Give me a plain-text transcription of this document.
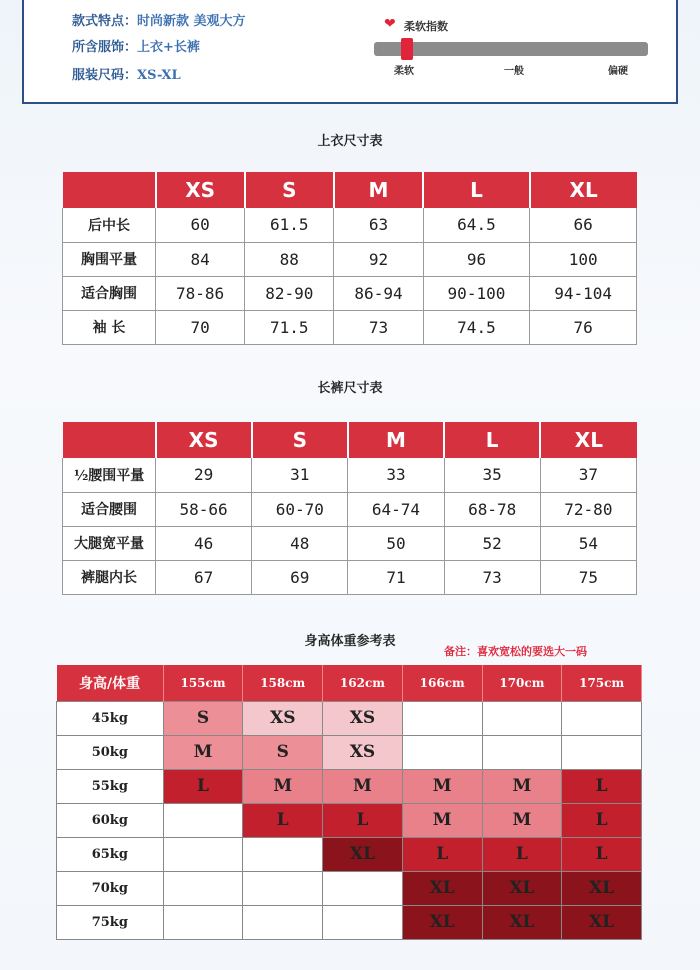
款式特点：时尚新款 美观大方
所含服饰：上衣+长裤
服装尺码：XS-XL
❤ 柔软指数
柔软	一般	偏硬
上衣尺寸表
	XS	S	M	L	XL
后中长	60	61.5	63	64.5	66
胸围平量	84	88	92	96	100
适合胸围	78-86	82-90	86-94	90-100	94-104
袖 长	70	71.5	73	74.5	76
长裤尺寸表
	XS	S	M	L	XL
½腰围平量	29	31	33	35	37
适合腰围	58-66	60-70	64-74	68-78	72-80
大腿宽平量	46	48	50	52	54
裤腿内长	67	69	71	73	75
身高体重参考表
备注：喜欢宽松的要选大一码
身高/体重	155cm	158cm	162cm	166cm	170cm	175cm
45kg	S	XS	XS			
50kg	M	S	XS			
55kg	L	M	M	M	M	L
60kg		L	L	M	M	L
65kg			XL	L	L	L
70kg				XL	XL	XL
75kg				XL	XL	XL
